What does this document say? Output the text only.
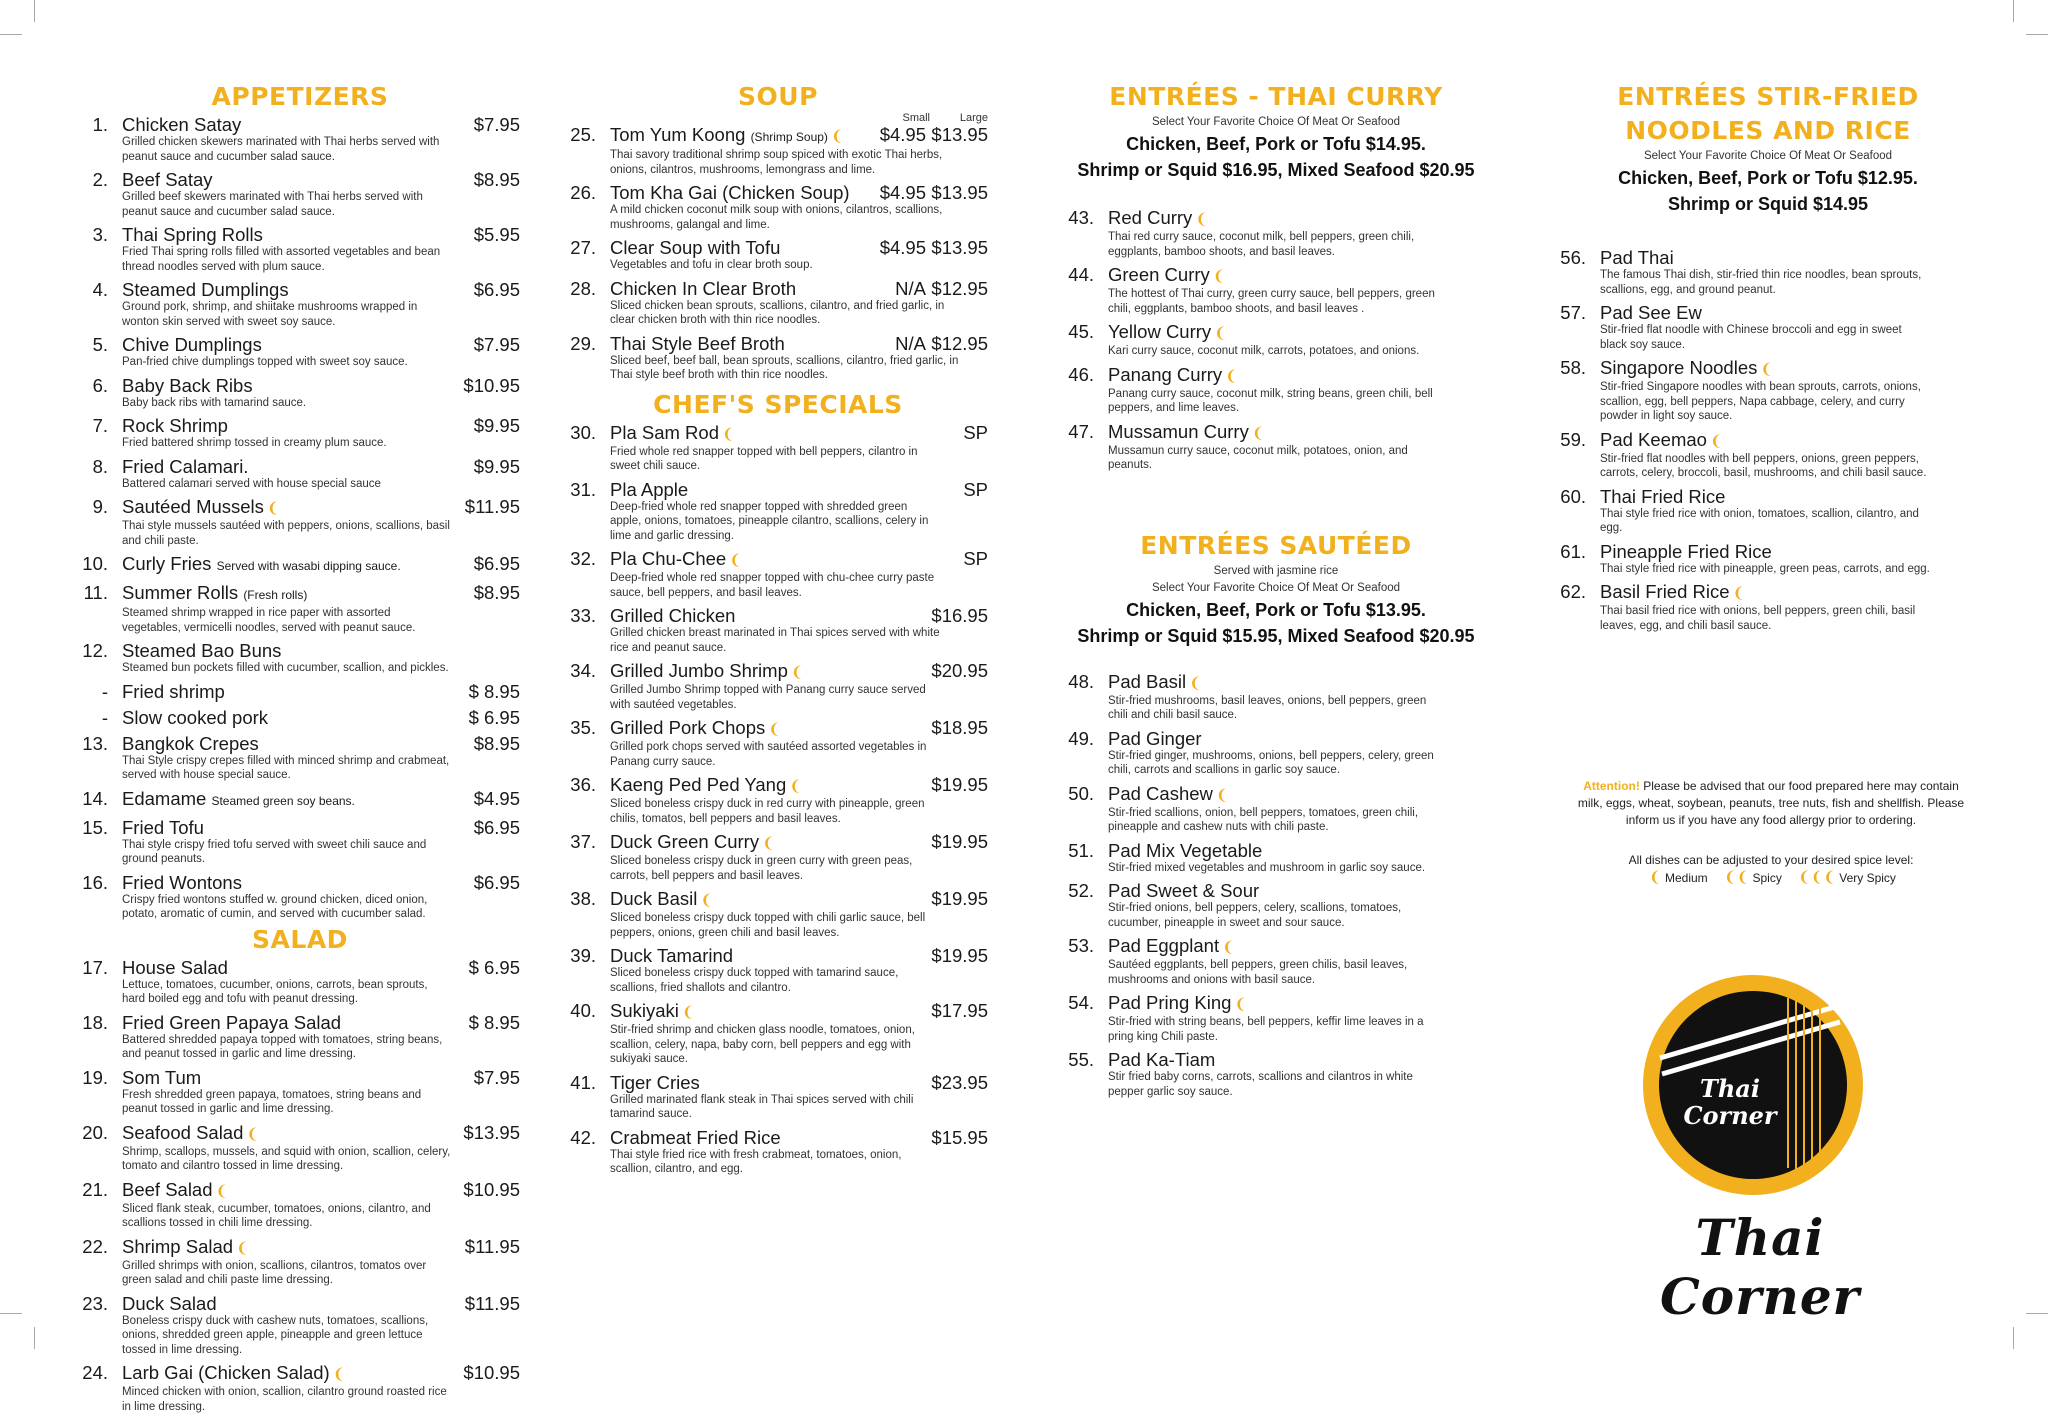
APPETIZERS
1. Chicken Satay	$7.95
Grilled chicken skewers marinated with Thai herbs served with peanut sauce and cucumber salad sauce.
2. Beef Satay	$8.95
Grilled beef skewers marinated with Thai herbs served with peanut sauce and cucumber salad sauce.
3. Thai Spring Rolls	$5.95
Fried Thai spring rolls filled with assorted vegetables and bean thread noodles served with plum sauce.
4. Steamed Dumplings	$6.95
Ground pork, shrimp, and shiitake mushrooms wrapped in wonton skin served with sweet soy sauce.
5. Chive Dumplings	$7.95
Pan-fried chive dumplings topped with sweet soy sauce.
6. Baby Back Ribs	$10.95
Baby back ribs with tamarind sauce.
7. Rock Shrimp	$9.95
Fried battered shrimp tossed in creamy plum sauce.
8. Fried Calamari.	$9.95
Battered calamari served with house special sauce
9. Sautéed Mussels ❨	$11.95
Thai style mussels sautéed with peppers, onions, scallions, basil and chili paste.
10. Curly Fries Served with wasabi dipping sauce.	$6.95
11. Summer Rolls (Fresh rolls)	$8.95
Steamed shrimp wrapped in rice paper with assorted vegetables, vermicelli noodles, served with peanut sauce.
12. Steamed Bao Buns
Steamed bun pockets filled with cucumber, scallion, and pickles.
- Fried shrimp	$ 8.95
- Slow cooked pork	$ 6.95
13. Bangkok Crepes	$8.95
Thai Style crispy crepes filled with minced shrimp and crabmeat, served with house special sauce.
14. Edamame Steamed green soy beans.	$4.95
15. Fried Tofu	$6.95
Thai style crispy fried tofu served with sweet chili sauce and ground peanuts.
16. Fried Wontons	$6.95
Crispy fried wontons stuffed w. ground chicken, diced onion, potato, aromatic of cumin, and served with cucumber salad.
SALAD
17. House Salad	$ 6.95
Lettuce, tomatoes, cucumber, onions, carrots, bean sprouts, hard boiled egg and tofu with peanut dressing.
18. Fried Green Papaya Salad	$ 8.95
Battered shredded papaya topped with tomatoes, string beans, and peanut tossed in garlic and lime dressing.
19. Som Tum	$7.95
Fresh shredded green papaya, tomatoes, string beans and peanut tossed in garlic and lime dressing.
20. Seafood Salad ❨	$13.95
Shrimp, scallops, mussels, and squid with onion, scallion, celery, tomato and cilantro tossed in lime dressing.
21. Beef Salad ❨	$10.95
Sliced flank steak, cucumber, tomatoes, onions, cilantro, and scallions tossed in chili lime dressing.
22. Shrimp Salad ❨	$11.95
Grilled shrimps with onion, scallions, cilantros, tomatos over green salad and chili paste lime dressing.
23. Duck Salad	$11.95
Boneless crispy duck with cashew nuts, tomatoes, scallions, onions, shredded green apple, pineapple and green lettuce tossed in lime dressing.
24. Larb Gai (Chicken Salad) ❨	$10.95
Minced chicken with onion, scallion, cilantro ground roasted rice in lime dressing.
SOUP
Small	Large
25. Tom Yum Koong (Shrimp Soup) ❨	$4.95 $13.95
Thai savory traditional shrimp soup spiced with exotic Thai herbs, onions, cilantros, mushrooms, lemongrass and lime.
26. Tom Kha Gai (Chicken Soup)	$4.95 $13.95
A mild chicken coconut milk soup with onions, cilantros, scallions, mushrooms, galangal and lime.
27. Clear Soup with Tofu	$4.95 $13.95
Vegetables and tofu in clear broth soup.
28. Chicken In Clear Broth	N/A $12.95
Sliced chicken bean sprouts, scallions, cilantro, and fried garlic, in clear chicken broth with thin rice noodles.
29. Thai Style Beef Broth	N/A $12.95
Sliced beef, beef ball, bean sprouts, scallions, cilantro, fried garlic, in Thai style beef broth with thin rice noodles.
CHEF'S SPECIALS
30. Pla Sam Rod ❨	SP
Fried whole red snapper topped with bell peppers, cilantro in sweet chili sauce.
31. Pla Apple	SP
Deep-fried whole red snapper topped with shredded green apple, onions, tomatoes, pineapple cilantro, scallions, celery in lime and garlic dressing.
32. Pla Chu-Chee ❨	SP
Deep-fried whole red snapper topped with chu-chee curry paste sauce, bell peppers, and basil leaves.
33. Grilled Chicken	$16.95
Grilled chicken breast marinated in Thai spices served with white rice and peanut sauce.
34. Grilled Jumbo Shrimp ❨	$20.95
Grilled Jumbo Shrimp topped with Panang curry sauce served with sautéed vegetables.
35. Grilled Pork Chops ❨	$18.95
Grilled pork chops served with sautéed assorted vegetables in Panang curry sauce.
36. Kaeng Ped Ped Yang ❨	$19.95
Sliced boneless crispy duck in red curry with pineapple, green chilis, tomatos, bell peppers and basil leaves.
37. Duck Green Curry ❨	$19.95
Sliced boneless crispy duck in green curry with green peas, carrots, bell peppers and basil leaves.
38. Duck Basil ❨	$19.95
Sliced boneless crispy duck topped with chili garlic sauce, bell peppers, onions, green chili and basil leaves.
39. Duck Tamarind	$19.95
Sliced boneless crispy duck topped with tamarind sauce, scallions, fried shallots and cilantro.
40. Sukiyaki ❨	$17.95
Stir-fried shrimp and chicken glass noodle, tomatoes, onion, scallion, celery, napa, baby corn, bell peppers and egg with sukiyaki sauce.
41. Tiger Cries	$23.95
Grilled marinated flank steak in Thai spices served with chili tamarind sauce.
42. Crabmeat Fried Rice	$15.95
Thai style fried rice with fresh crabmeat, tomatoes, onion, scallion, cilantro, and egg.
ENTRÉES - THAI CURRY
Select Your Favorite Choice Of Meat Or Seafood
Chicken, Beef, Pork or Tofu $14.95.
Shrimp or Squid $16.95, Mixed Seafood $20.95
43. Red Curry ❨
Thai red curry sauce, coconut milk, bell peppers, green chili, eggplants, bamboo shoots, and basil leaves.
44. Green Curry ❨
The hottest of Thai curry, green curry sauce, bell peppers, green chili, eggplants, bamboo shoots, and basil leaves .
45. Yellow Curry ❨
Kari curry sauce, coconut milk, carrots, potatoes, and onions.
46. Panang Curry ❨
Panang curry sauce, coconut milk, string beans, green chili, bell peppers, and lime leaves.
47. Mussamun Curry ❨
Mussamun curry sauce, coconut milk, potatoes, onion, and peanuts.
ENTRÉES SAUTÉED
Served with jasmine rice
Select Your Favorite Choice Of Meat Or Seafood
Chicken, Beef, Pork or Tofu $13.95.
Shrimp or Squid $15.95, Mixed Seafood $20.95
48. Pad Basil ❨
Stir-fried mushrooms, basil leaves, onions, bell peppers, green chili and chili basil sauce.
49. Pad Ginger
Stir-fried ginger, mushrooms, onions, bell peppers, celery, green chili, carrots and scallions in garlic soy sauce.
50. Pad Cashew ❨
Stir-fried scallions, onion, bell peppers, tomatoes, green chili, pineapple and cashew nuts with chili paste.
51. Pad Mix Vegetable
Stir-fried mixed vegetables and mushroom in garlic soy sauce.
52. Pad Sweet & Sour
Stir-fried onions, bell peppers, celery, scallions, tomatoes, cucumber, pineapple in sweet and sour sauce.
53. Pad Eggplant ❨
Sautéed eggplants, bell peppers, green chilis, basil leaves, mushrooms and onions with basil sauce.
54. Pad Pring King ❨
Stir-fried with string beans, bell peppers, keffir lime leaves in a pring king Chili paste.
55. Pad Ka-Tiam
Stir fried baby corns, carrots, scallions and cilantros in white pepper garlic soy sauce.
ENTRÉES STIR-FRIED
NOODLES AND RICE
Select Your Favorite Choice Of Meat Or Seafood
Chicken, Beef, Pork or Tofu $12.95.
Shrimp or Squid $14.95
56. Pad Thai
The famous Thai dish, stir-fried thin rice noodles, bean sprouts, scallions, egg, and ground peanut.
57. Pad See Ew
Stir-fried flat noodle with Chinese broccoli and egg in sweet black soy sauce.
58. Singapore Noodles ❨
Stir-fried Singapore noodles with bean sprouts, carrots, onions, scallion, egg, bell peppers, Napa cabbage, celery, and curry powder in light soy sauce.
59. Pad Keemao ❨
Stir-fried flat noodles with bell peppers, onions, green peppers, carrots, celery, broccoli, basil, mushrooms, and chili basil sauce.
60. Thai Fried Rice
Thai style fried rice with onion, tomatoes, scallion, cilantro, and egg.
61. Pineapple Fried Rice
Thai style fried rice with pineapple, green peas, carrots, and egg.
62. Basil Fried Rice ❨
Thai basil fried rice with onions, bell peppers, green chili, basil leaves, egg, and chili basil sauce.
Attention! Please be advised that our food prepared here may contain milk, eggs, wheat, soybean, peanuts, tree nuts, fish and shellfish. Please inform us if you have any food allergy prior to ordering.
All dishes can be adjusted to your desired spice level:
❨ Medium ❨❨ Spicy ❨❨❨ Very Spicy
Thai
Corner
Thai Corner
